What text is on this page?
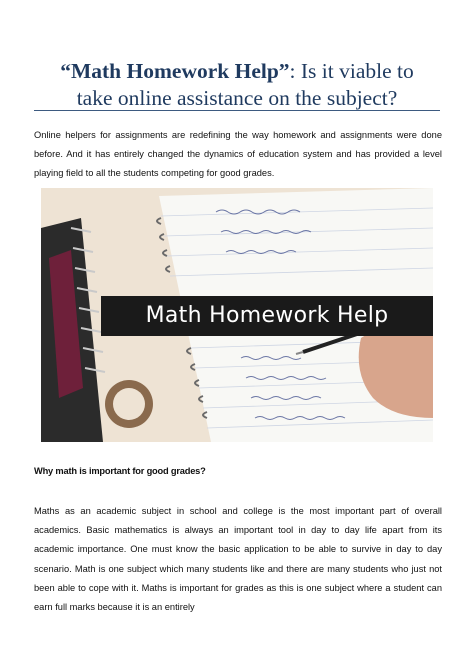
“Math Homework Help”: Is it viable to
take online assistance on the subject?
Online helpers for assignments are redefining the way homework and assignments were done before. And it has entirely changed the dynamics of education system and has provided a level playing field to all the students competing for good grades.
Math Homework Help
Why math is important for good grades?
Maths as an academic subject in school and college is the most important part of overall academics. Basic mathematics is always an important tool in day to day life apart from its academic importance. One must know the basic application to be able to survive in day to day scenario. Math is one subject which many students like and there are many students who just not been able to cope with it. Maths is important for grades as this is one subject where a student can earn full marks because it is an entirely
